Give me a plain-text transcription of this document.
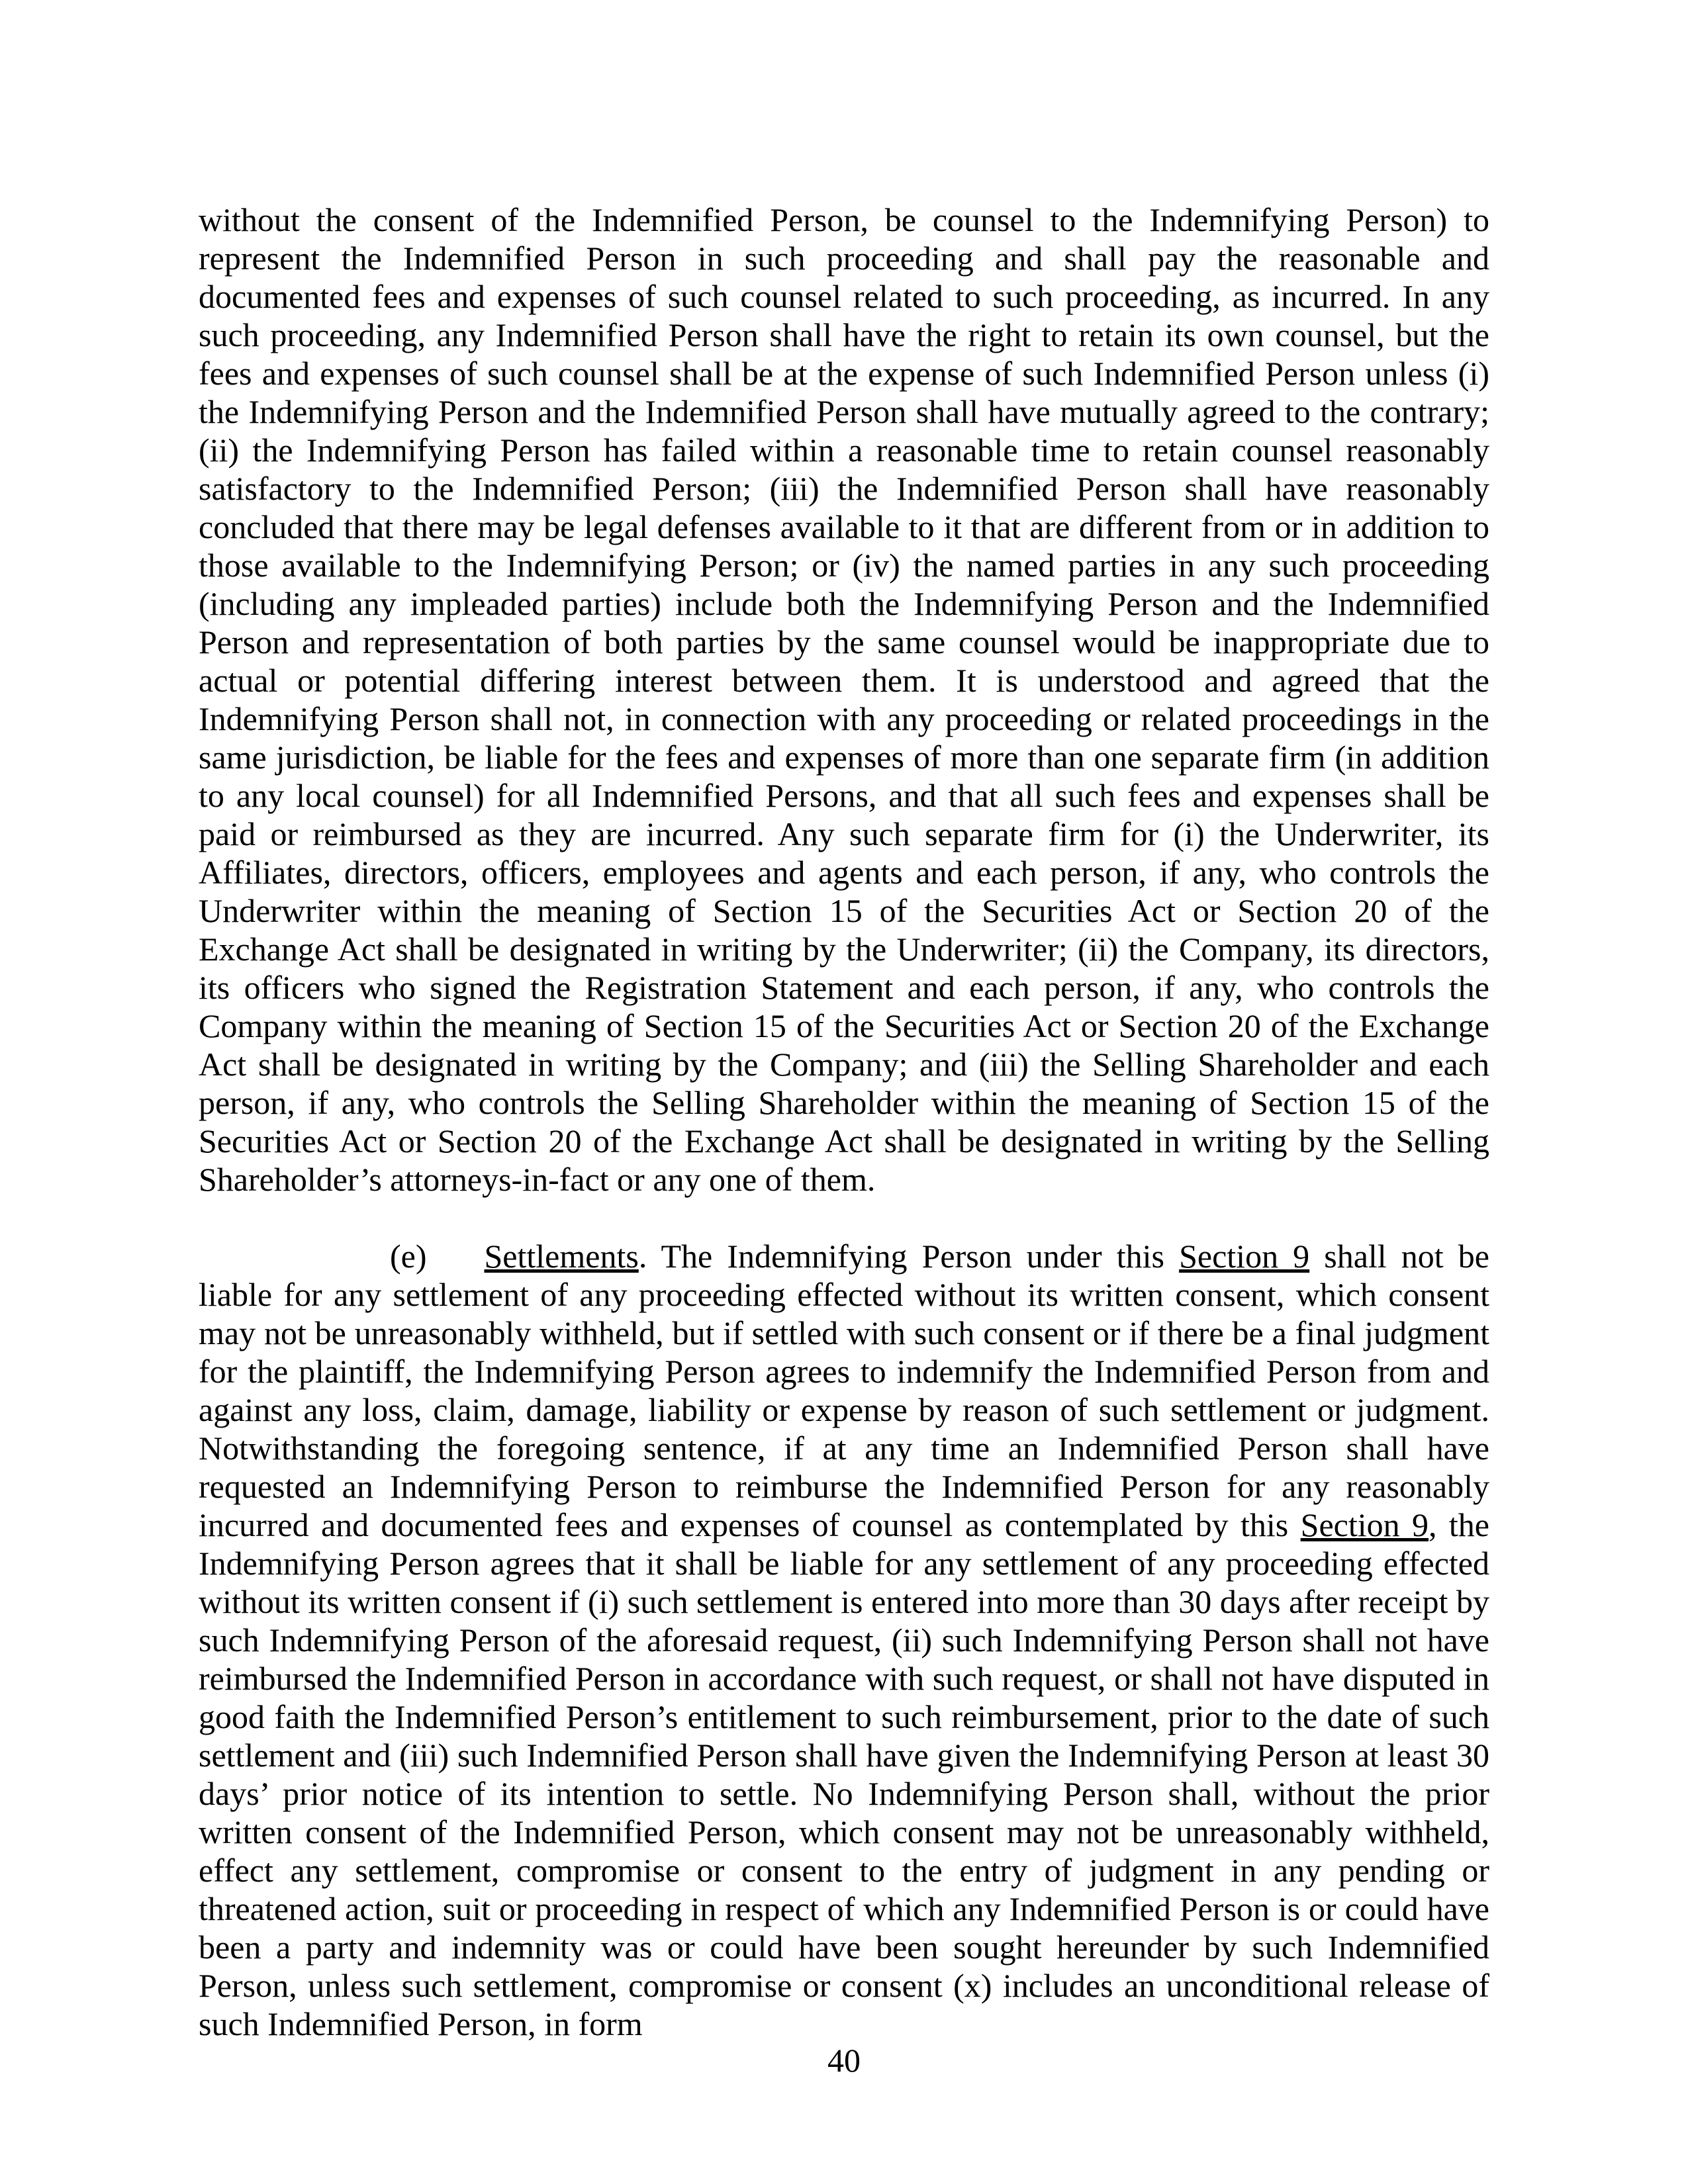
without the consent of the Indemnified Person, be counsel to the Indemnifying Person) to represent the Indemnified Person in such proceeding and shall pay the reasonable and documented fees and expenses of such counsel related to such proceeding, as incurred. In any such proceeding, any Indemnified Person shall have the right to retain its own counsel, but the fees and expenses of such counsel shall be at the expense of such Indemnified Person unless (i) the Indemnifying Person and the Indemnified Person shall have mutually agreed to the contrary; (ii) the Indemnifying Person has failed within a reasonable time to retain counsel reasonably satisfactory to the Indemnified Person; (iii) the Indemnified Person shall have reasonably concluded that there may be legal defenses available to it that are different from or in addition to those available to the Indemnifying Person; or (iv) the named parties in any such proceeding (including any impleaded parties) include both the Indemnifying Person and the Indemnified Person and representation of both parties by the same counsel would be inappropriate due to actual or potential differing interest between them. It is understood and agreed that the Indemnifying Person shall not, in connection with any proceeding or related proceedings in the same jurisdiction, be liable for the fees and expenses of more than one separate firm (in addition to any local counsel) for all Indemnified Persons, and that all such fees and expenses shall be paid or reimbursed as they are incurred. Any such separate firm for (i) the Underwriter, its Affiliates, directors, officers, employees and agents and each person, if any, who controls the Underwriter within the meaning of Section 15 of the Securities Act or Section 20 of the Exchange Act shall be designated in writing by the Underwriter; (ii) the Company, its directors, its officers who signed the Registration Statement and each person, if any, who controls the Company within the meaning of Section 15 of the Securities Act or Section 20 of the Exchange Act shall be designated in writing by the Company; and (iii) the Selling Shareholder and each person, if any, who controls the Selling Shareholder within the meaning of Section 15 of the Securities Act or Section 20 of the Exchange Act shall be designated in writing by the Selling Shareholder’s attorneys-in-fact or any one of them.

(e) Settlements. The Indemnifying Person under this Section 9 shall not be liable for any settlement of any proceeding effected without its written consent, which consent may not be unreasonably withheld, but if settled with such consent or if there be a final judgment for the plaintiff, the Indemnifying Person agrees to indemnify the Indemnified Person from and against any loss, claim, damage, liability or expense by reason of such settlement or judgment. Notwithstanding the foregoing sentence, if at any time an Indemnified Person shall have requested an Indemnifying Person to reimburse the Indemnified Person for any reasonably incurred and documented fees and expenses of counsel as contemplated by this Section 9, the Indemnifying Person agrees that it shall be liable for any settlement of any proceeding effected without its written consent if (i) such settlement is entered into more than 30 days after receipt by such Indemnifying Person of the aforesaid request, (ii) such Indemnifying Person shall not have reimbursed the Indemnified Person in accordance with such request, or shall not have disputed in good faith the Indemnified Person’s entitlement to such reimbursement, prior to the date of such settlement and (iii) such Indemnified Person shall have given the Indemnifying Person at least 30 days’ prior notice of its intention to settle. No Indemnifying Person shall, without the prior written consent of the Indemnified Person, which consent may not be unreasonably withheld, effect any settlement, compromise or consent to the entry of judgment in any pending or threatened action, suit or proceeding in respect of which any Indemnified Person is or could have been a party and indemnity was or could have been sought hereunder by such Indemnified Person, unless such settlement, compromise or consent (x) includes an unconditional release of such Indemnified Person, in form

40
